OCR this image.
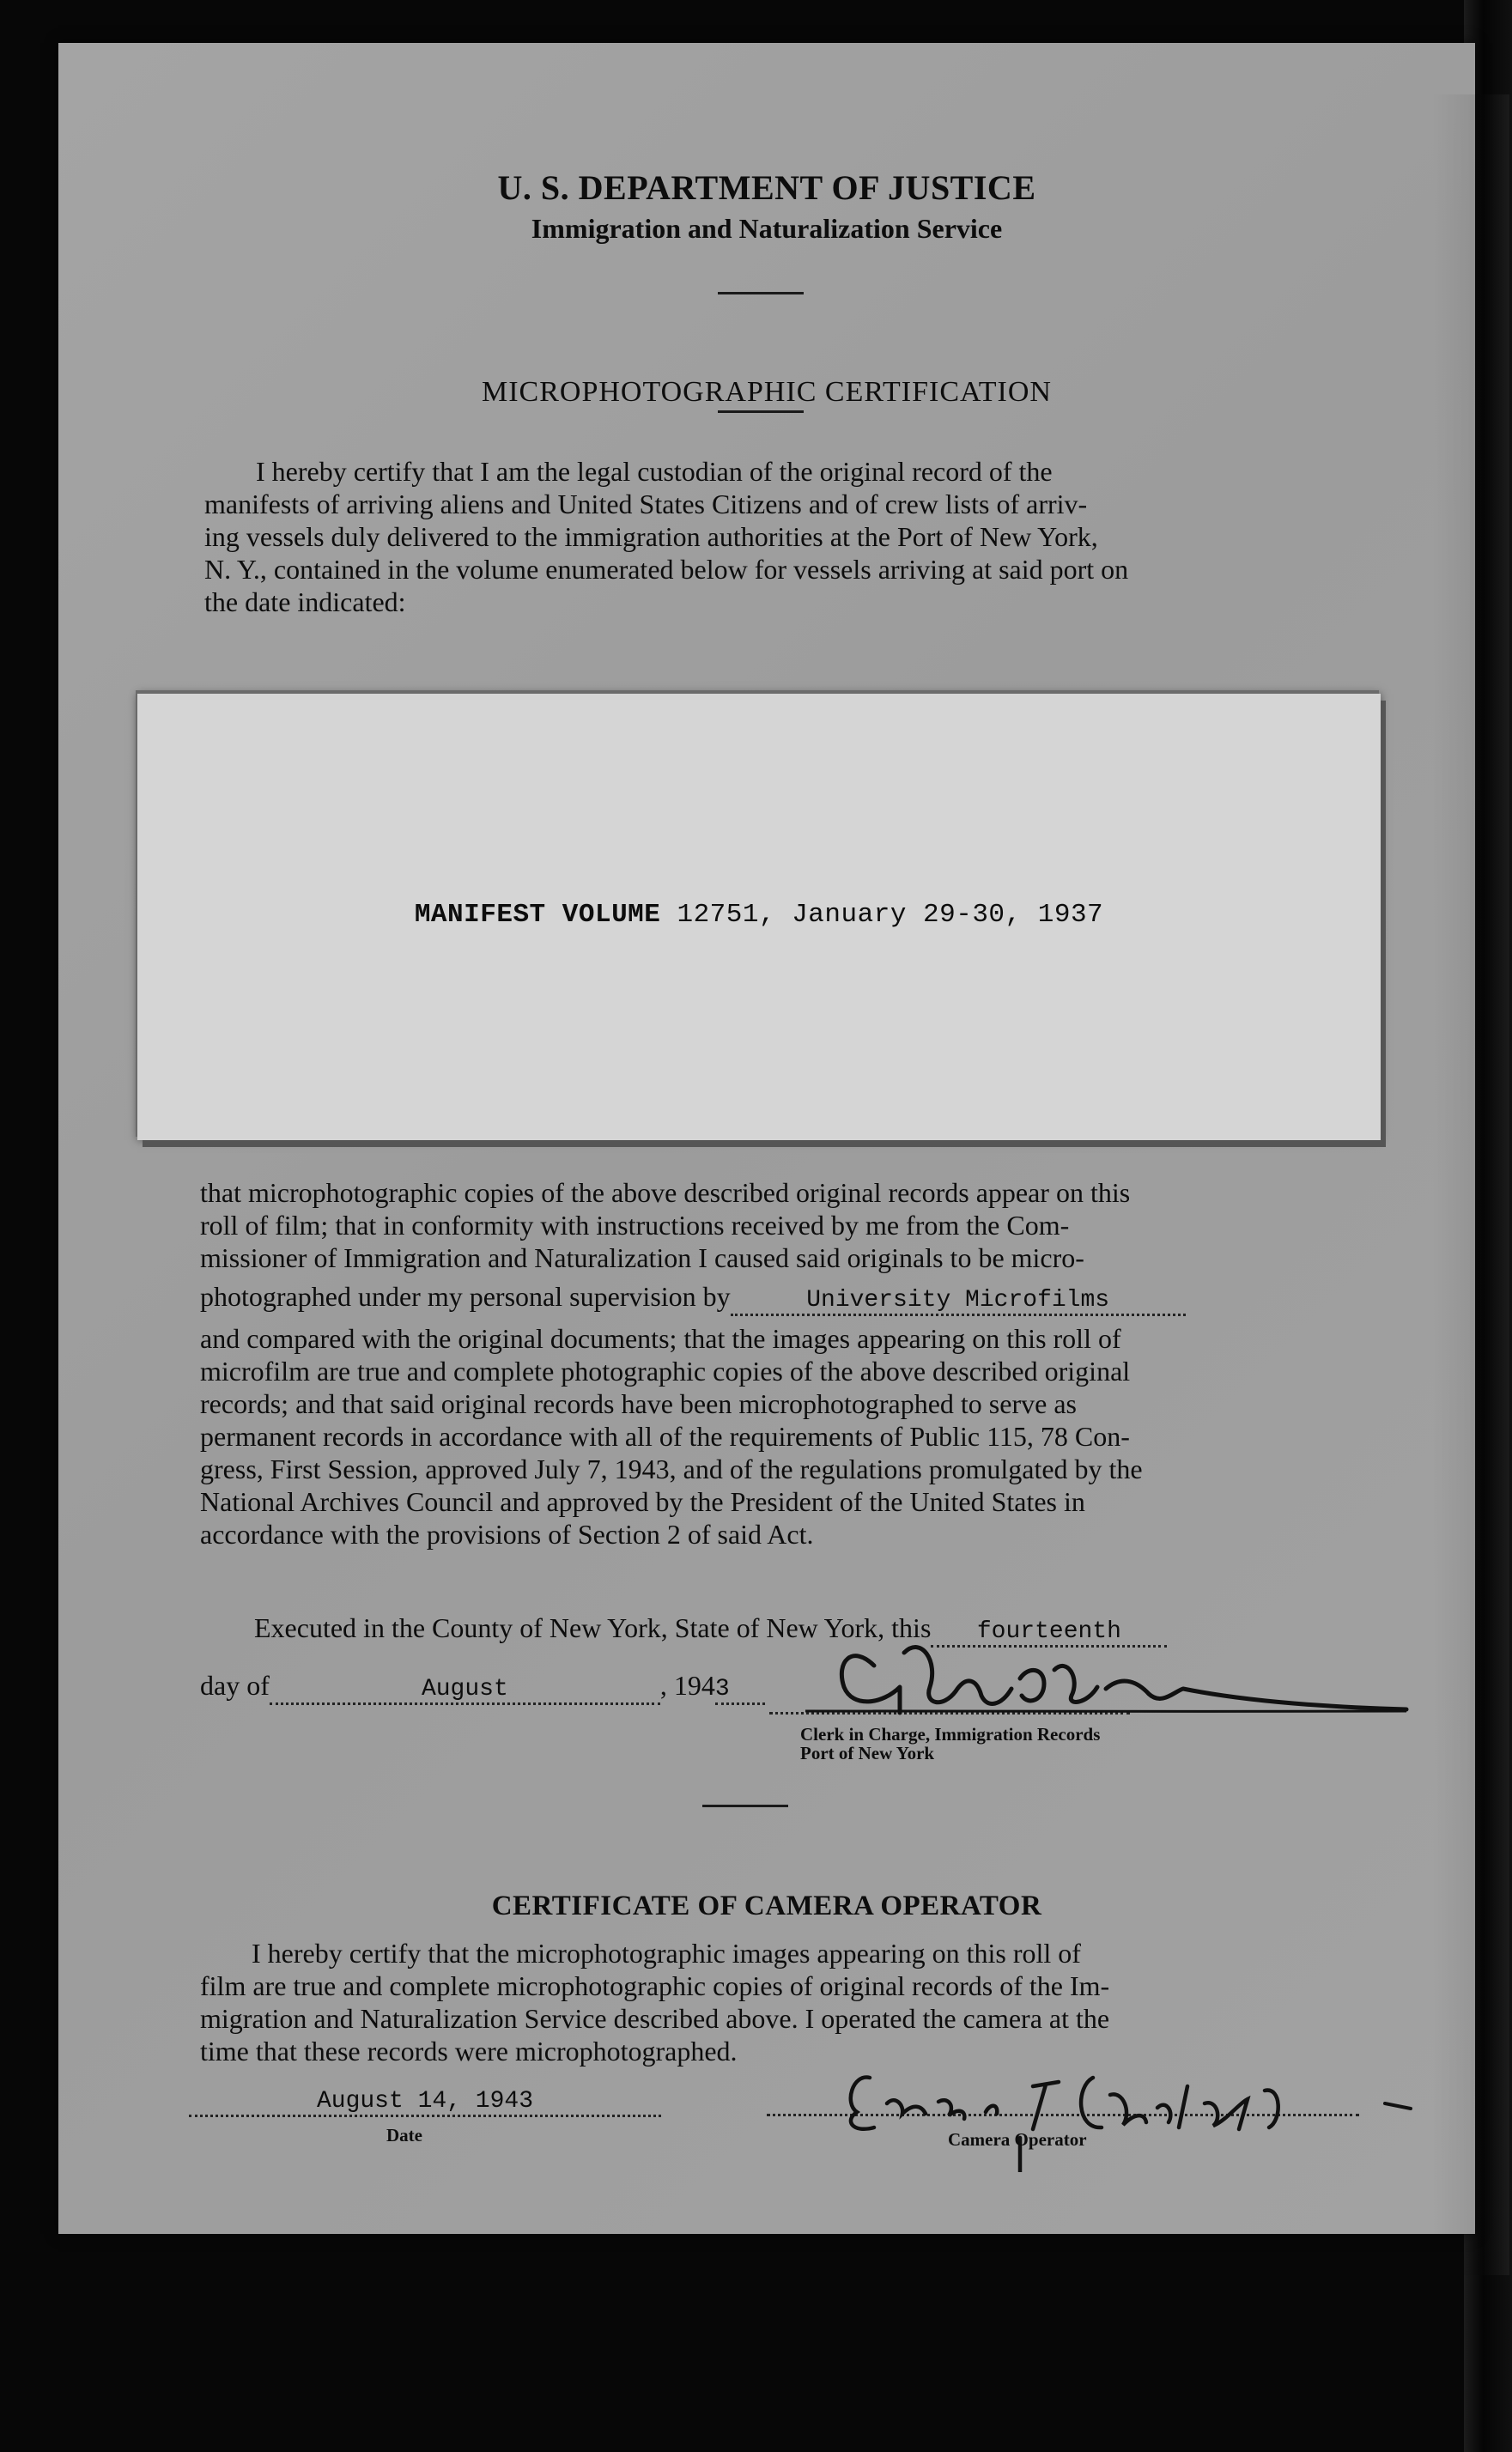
U. S. DEPARTMENT OF JUSTICE
Immigration and Naturalization Service
MICROPHOTOGRAPHIC CERTIFICATION
I hereby certify that I am the legal custodian of the original record of the
manifests of arriving aliens and United States Citizens and of crew lists of arriv-
ing vessels duly delivered to the immigration authorities at the Port of New York,
N. Y., contained in the volume enumerated below for vessels arriving at said port on
the date indicated:
MANIFEST VOLUME 12751, January 29-30, 1937
that microphotographic copies of the above described original records appear on this
roll of film; that in conformity with instructions received by me from the Com-
missioner of Immigration and Naturalization I caused said originals to be micro-
photographed under my personal supervision by	University Microfilms
and compared with the original documents; that the images appearing on this roll of
microfilm are true and complete photographic copies of the above described original
records; and that said original records have been microphotographed to serve as
permanent records in accordance with all of the requirements of Public 115, 78 Con-
gress, First Session, approved July 7, 1943, and of the regulations promulgated by the
National Archives Council and approved by the President of the United States in
accordance with the provisions of Section 2 of said Act.
Executed in the County of New York, State of New York, this fourteenth
day of	August	, 1943
Clerk in Charge, Immigration Records
Port of New York
CERTIFICATE OF CAMERA OPERATOR
I hereby certify that the microphotographic images appearing on this roll of
film are true and complete microphotographic copies of original records of the Im-
migration and Naturalization Service described above. I operated the camera at the
time that these records were microphotographed.
August 14, 1943
Date	Camera Operator
